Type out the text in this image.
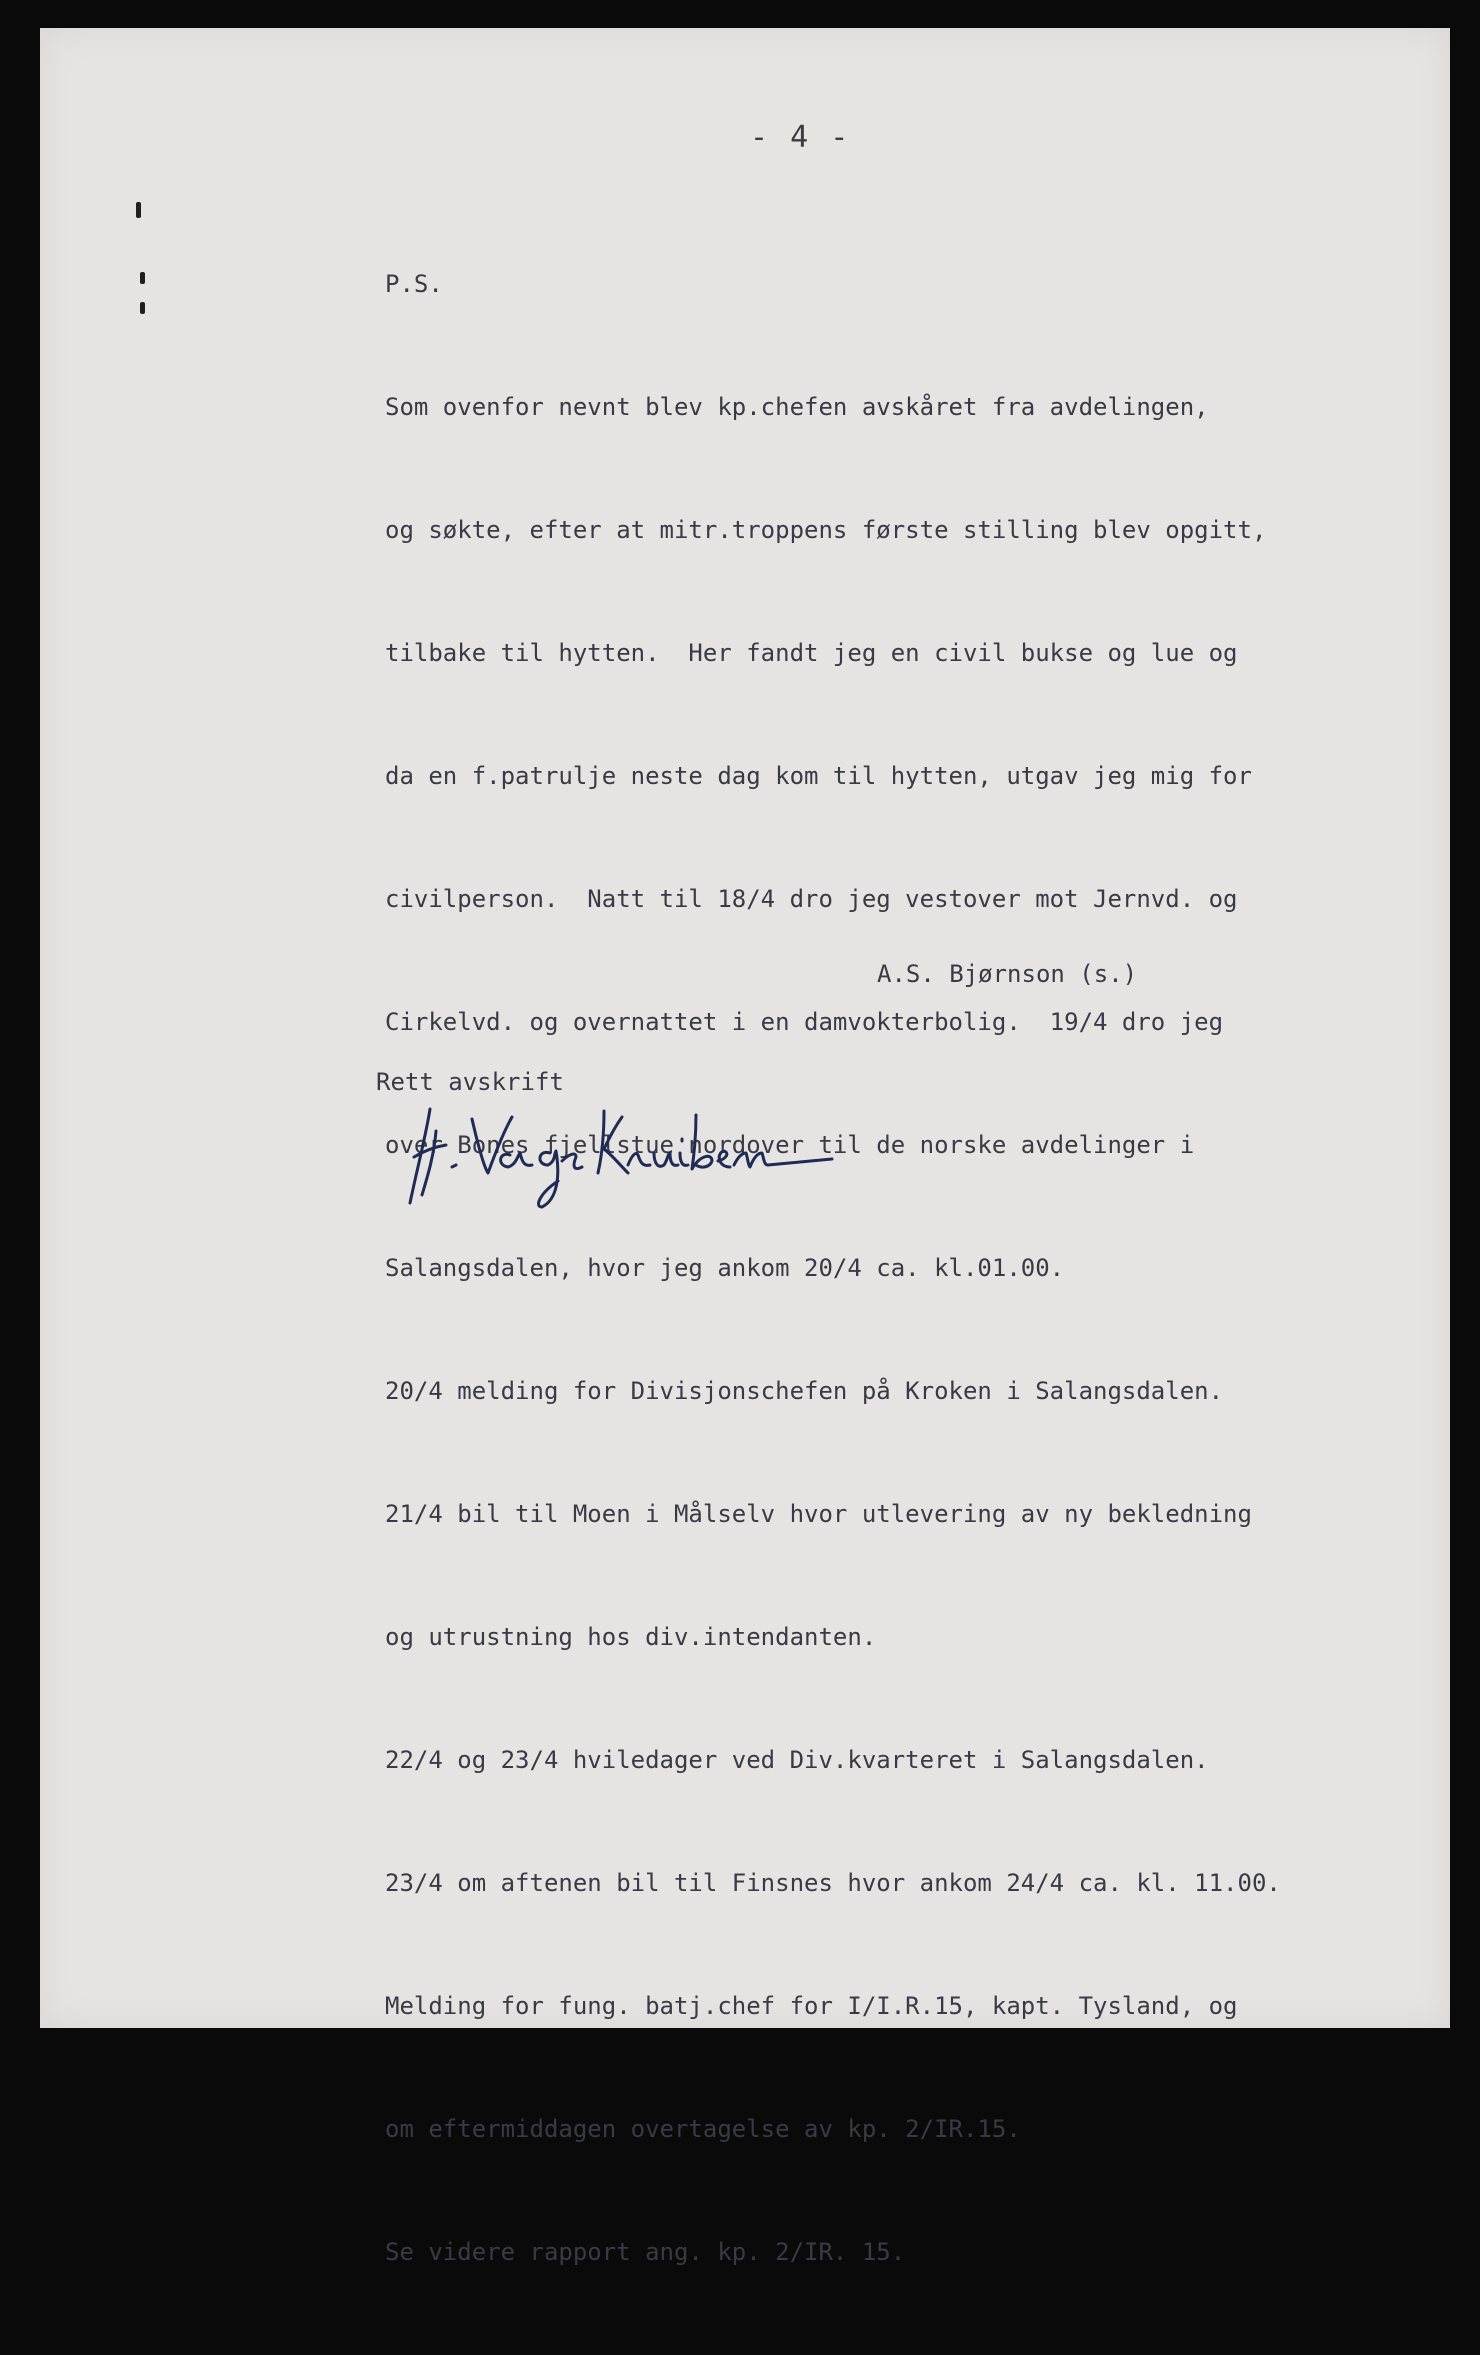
- 4 -

P.S.

Som ovenfor nevnt blev kp.chefen avskåret fra avdelingen,

og søkte, efter at mitr.troppens første stilling blev opgitt,

tilbake til hytten.  Her fandt jeg en civil bukse og lue og

da en f.patrulje neste dag kom til hytten, utgav jeg mig for

civilperson.  Natt til 18/4 dro jeg vestover mot Jernvd. og

Cirkelvd. og overnattet i en damvokterbolig.  19/4 dro jeg

over Bones fjellstue nordover til de norske avdelinger i

Salangsdalen, hvor jeg ankom 20/4 ca. kl.01.00.

20/4 melding for Divisjonschefen på Kroken i Salangsdalen.

21/4 bil til Moen i Målselv hvor utlevering av ny bekledning

og utrustning hos div.intendanten.

22/4 og 23/4 hviledager ved Div.kvarteret i Salangsdalen.

23/4 om aftenen bil til Finsnes hvor ankom 24/4 ca. kl. 11.00.

Melding for fung. batj.chef for I/I.R.15, kapt. Tysland, og

om eftermiddagen overtagelse av kp. 2/IR.15.

Se videre rapport ang. kp. 2/IR. 15.

A.S. Bjørnson (s.)
Rett avskrift
